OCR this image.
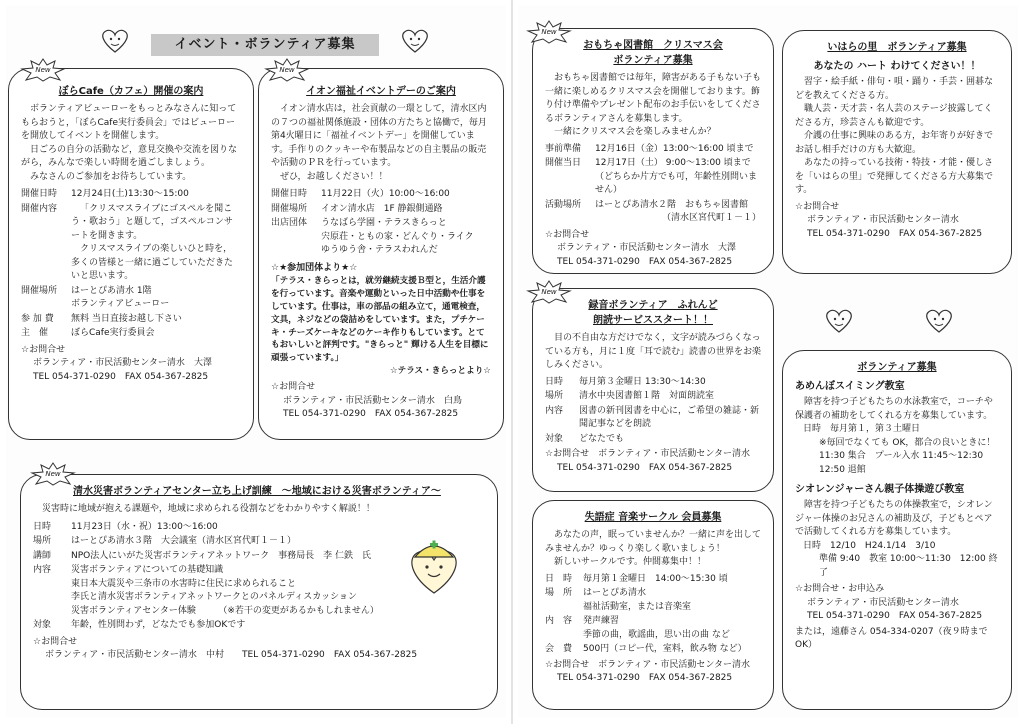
イベント・ボランティア募集
ぼらCafe（カフェ）開催の案内

ボランティアビューローをもっとみなさんに知ってもらおうと，「ぼらCafe実行委員会」ではビューローを開放してイベントを開催します。

日ごろの自分の活動など，意見交換や交流を図りながら，みんなで楽しい時間を過ごしましょう。

みなさんのご参加をお待ちしています。

開催日時	12月24日(土)13:30～15:00
開催内容	「クリスマスライブにゴスペルを聞こう・歌おう」と題して，ゴスペルコンサートを開きます。

クリスマスライブの楽しいひと時を，多くの皆様と一緒に過ごしていただきたいと思います。

開催場所	はーとぴあ清水 1階

ボランティアビューロー

参 加 費	無料 当日直接お越し下さい
主　催	ぼらCafe実行委員会

☆お問合せ

ボランティア・市民活動センター清水　 大澤

TEL 054-371-0290　 FAX 054-367-2825

New
イオン福祉イベントデーのご案内

イオン清水店は，社会貢献の一環として，清水区内の７つの福祉関係施設・団体の方たちと協働で，毎月第4火曜日に「福祉イベントデー」を開催しています。手作りのクッキーや布製品などの自主製品の販売や活動のＰＲを行っています。

ぜひ，お越しください！！

開催日時	11月22日（火）10:00～16:00
開催場所	イオン清水店　1F 静銀側通路
出店団体	うなばら学園・テラスきらっと

宍原荘・ともの家・どんぐり・ライク

ゆうゆう舎・テラスわれんだ

☆★参加団体より★☆

「テラス・きらっとは，就労継続支援Ｂ型と，生活介護を行っています。音楽や運動といった日中活動や仕事をしています。仕事は，車の部品の組み立て，通電検査，文具，ネジなどの袋詰めをしています。また，プチケーキ・チーズケーキなどのケーキ作りもしています。とてもおいしいと評判です。"きらっと" 輝ける人生を目標に頑張っています。」

☆テラス・きらっとより☆

☆お問合せ

ボランティア・市民活動センター清水　 白鳥

TEL 054-371-0290　 FAX 054-367-2825

New
清水災害ボランティアセンター立ち上げ訓練　～地域における災害ボランティア～

災害時に地域が抱える課題や，地域に求められる役割などをわかりやすく解説！！

日時	11月23日（水・祝）13:00～16:00
場所	はーとぴあ清水３階　大会議室（清水区宮代町１－１）
講師	NPO法人にいがた災害ボランティアネットワーク　事務局長　李 仁鉄　氏
内容	災害ボランティアについての基礎知識

東日本大震災や三条市の水害時に住民に求められること

李氏と清水災害ボランティアネットワークとのパネルディスカッション

災害ボランティアセンター体験　　　（※若干の変更があるかもしれません）

対象	年齢，性別問わず，どなたでも参加OKです

☆お問合せ

ボランティア・市民活動センター清水　 中村　　 TEL 054-371-0290　 FAX 054-367-2825

New
おもちゃ図書館　クリスマス会
ボランティア募集

おもちゃ図書館では毎年，障害がある子もない子も一緒に楽しめるクリスマス会を開催しております。飾り付け準備やプレゼント配布のお手伝いをしてくださるボランティアさんを募集します。

一緒にクリスマス会を楽しみませんか？

事前準備	12月16日（金）13:00～16:00 頃まで
開催当日	12月17日（土） 9:00～13:00 頃まで

（どちらか片方でも可，年齢性別問いません）

活動場所	はーとぴあ清水２階　おもちゃ図書館

（清水区宮代町１－１）

☆お問合せ

ボランティア・市民活動センター清水　 大澤

TEL 054-371-0290　 FAX 054-367-2825

New
いはらの里　ボランティア募集
あなたの ハート わけてください！！

習字・絵手紙・俳句・唄・踊り・手芸・囲碁などを教えてくださる方。

職人芸・天才芸・名人芸のステージ披露してくださる方，珍芸さんも歓迎です。

介護の仕事に興味のある方，お年寄りが好きでお話し相手だけの方も大歓迎。

あなたの持っている技術・特技・才能・優しさを「いはらの里」で発揮してくださる方大募集です。

☆お問合せ

ボランティア・市民活動センター清水

TEL 054-371-0290　 FAX 054-367-2825

録音ボランティア　ふれんど
朗読サービススタート！！

目の不自由な方だけでなく，文字が読みづらくなっている方も，月に１度「耳で読む」読書の世界をお楽しみください。

日時	毎月第３金曜日 13:30～14:30
場所	清水中央図書館１階　対面朗読室
内容	図書の新刊図書を中心に，ご希望の雑誌・新聞記事などを朗読
対象	どなたでも

☆お問合せ　ボランティア・市民活動センター清水

TEL 054-371-0290　 FAX 054-367-2825

New
失語症 音楽サークル 会員募集

あなたの声，眠っていませんか？一緒に声を出してみませんか？ゆっくり楽しく歌いましょう！

新しいサークルです。仲間募集中！！

日　時	毎月第１金曜日　14:00～15:30 頃
場　所	はーとぴあ清水

福祉活動室，または音楽室

内　容	発声練習

季節の曲，歌謡曲，思い出の曲 など

会　費	500円（コピー代，室料，飲み物 など）

☆お問合せ　ボランティア・市民活動センター清水

TEL 054-371-0290　 FAX 054-367-2825

ボランティア募集
あめんぼスイミング教室

障害を持つ子どもたちの水泳教室で，コーチや保護者の補助をしてくれる方を募集しています。

日時　毎月第１，第３土曜日

※毎回でなくても OK，都合の良いときに！

11:30 集合　プール入水 11:45～12:30

12:50 退館

シオレンジャーさん親子体操遊び教室

障害を持つ子どもたちの体操教室で，シオレンジャー体操のお兄さんの補助及び，子どもとペアで活動してくれる方を募集しています。

日時　12/10　H24.1/14　3/10

準備 9:40　教室 10:00～11:30　12:00 終了

☆お問合せ・お申込み

ボランティア・市民活動センター清水

TEL 054-371-0290　 FAX 054-367-2825

または，遠藤さん 054-334-0207（夜９時まで OK）
